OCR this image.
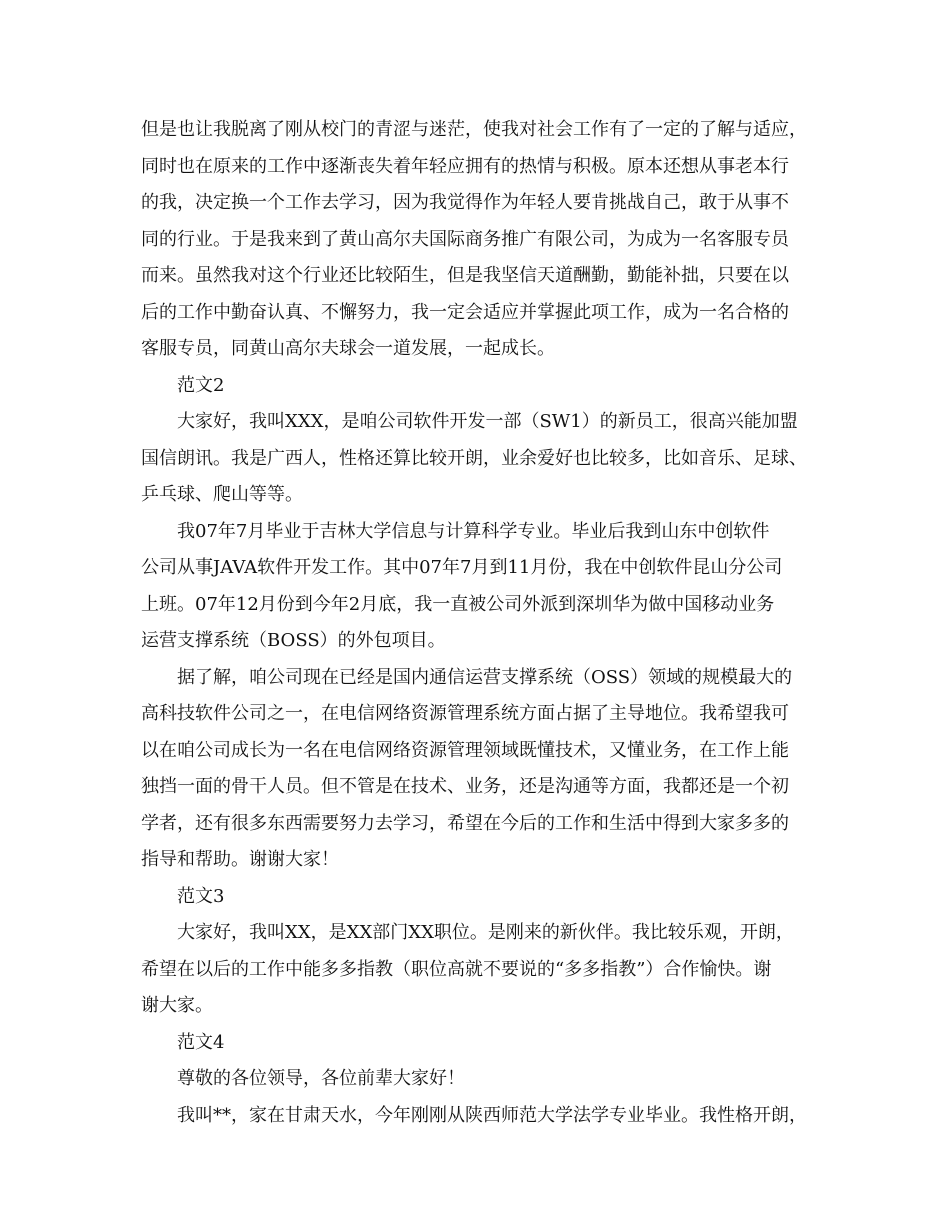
但是也让我脱离了刚从校门的青涩与迷茫，使我对社会工作有了一定的了解与适应，
同时也在原来的工作中逐渐丧失着年轻应拥有的热情与积极。原本还想从事老本行
的我，决定换一个工作去学习，因为我觉得作为年轻人要肯挑战自己，敢于从事不
同的行业。于是我来到了黄山高尔夫国际商务推广有限公司，为成为一名客服专员
而来。虽然我对这个行业还比较陌生，但是我坚信天道酬勤，勤能补拙，只要在以
后的工作中勤奋认真、不懈努力，我一定会适应并掌握此项工作，成为一名合格的
客服专员，同黄山高尔夫球会一道发展，一起成长。
范文2
大家好，我叫XXX，是咱公司软件开发一部（SW1）的新员工，很高兴能加盟
国信朗讯。我是广西人，性格还算比较开朗，业余爱好也比较多，比如音乐、足球、
乒乓球、爬山等等。
我07年7月毕业于吉林大学信息与计算科学专业。毕业后我到山东中创软件
公司从事JAVA软件开发工作。其中07年7月到11月份，我在中创软件昆山分公司
上班。07年12月份到今年2月底，我一直被公司外派到深圳华为做中国移动业务
运营支撑系统（BOSS）的外包项目。
据了解，咱公司现在已经是国内通信运营支撑系统（OSS）领域的规模最大的
高科技软件公司之一，在电信网络资源管理系统方面占据了主导地位。我希望我可
以在咱公司成长为一名在电信网络资源管理领域既懂技术，又懂业务，在工作上能
独挡一面的骨干人员。但不管是在技术、业务，还是沟通等方面，我都还是一个初
学者，还有很多东西需要努力去学习，希望在今后的工作和生活中得到大家多多的
指导和帮助。谢谢大家！
范文3
大家好，我叫XX，是XX部门XX职位。是刚来的新伙伴。我比较乐观，开朗，
希望在以后的工作中能多多指教（职位高就不要说的“多多指教”）合作愉快。谢
谢大家。
范文4
尊敬的各位领导，各位前辈大家好！
我叫**，家在甘肃天水，今年刚刚从陕西师范大学法学专业毕业。我性格开朗，
